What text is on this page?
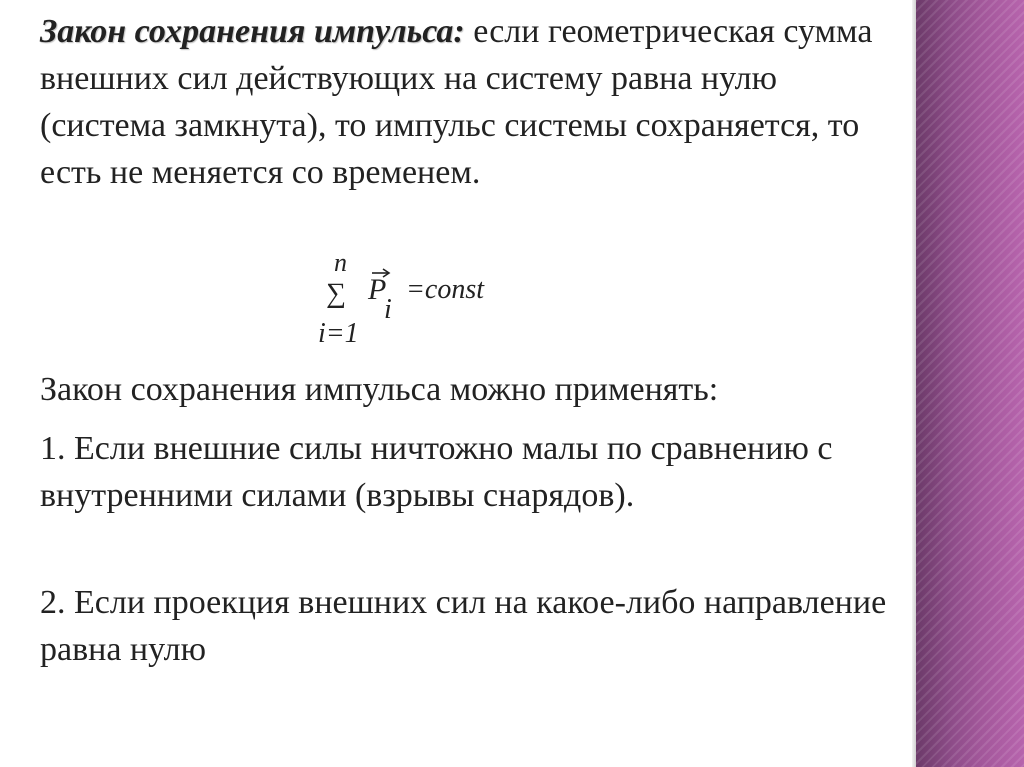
Закон сохранения импульса: если геометрическая сумма внешних сил действующих на систему равна нулю (система замкнута), то импульс системы сохраняется, то есть не меняется со временем.
n
∑ P
i
=const
i=1
Закон сохранения импульса можно применять:
1. Если внешние силы ничтожно малы по сравнению с внутренними силами (взрывы снарядов).
2. Если проекция внешних сил на какое-либо направление равна нулю
